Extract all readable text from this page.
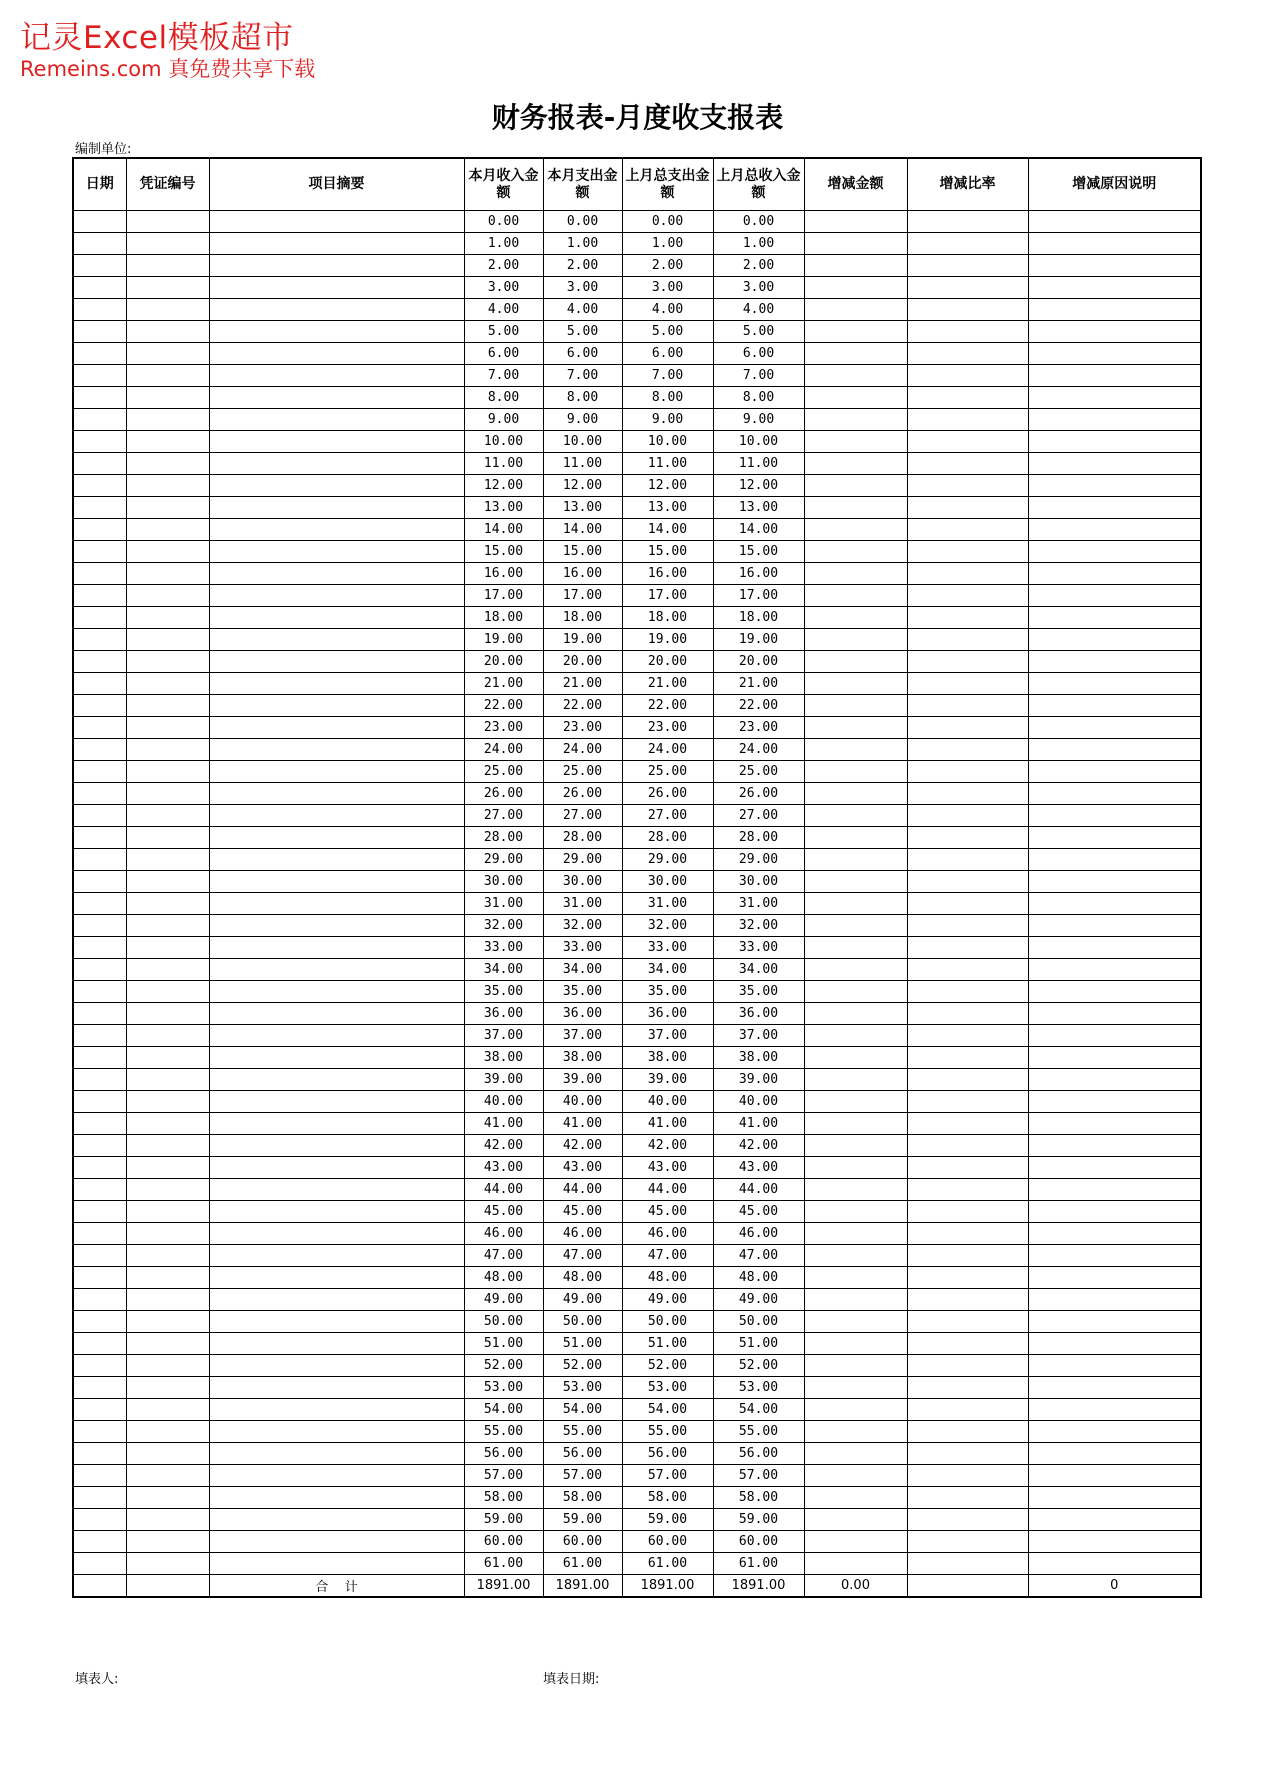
记灵Excel模板超市
Remeins.com 真免费共享下载
财务报表-月度收支报表
编制单位:
日期	凭证编号	项目摘要	本月收入金额	本月支出金额	上月总支出金额	上月总收入金额	增减金额	增减比率	增减原因说明
			0.00	0.00	0.00	0.00			
			1.00	1.00	1.00	1.00			
			2.00	2.00	2.00	2.00			
			3.00	3.00	3.00	3.00			
			4.00	4.00	4.00	4.00			
			5.00	5.00	5.00	5.00			
			6.00	6.00	6.00	6.00			
			7.00	7.00	7.00	7.00			
			8.00	8.00	8.00	8.00			
			9.00	9.00	9.00	9.00			
			10.00	10.00	10.00	10.00			
			11.00	11.00	11.00	11.00			
			12.00	12.00	12.00	12.00			
			13.00	13.00	13.00	13.00			
			14.00	14.00	14.00	14.00			
			15.00	15.00	15.00	15.00			
			16.00	16.00	16.00	16.00			
			17.00	17.00	17.00	17.00			
			18.00	18.00	18.00	18.00			
			19.00	19.00	19.00	19.00			
			20.00	20.00	20.00	20.00			
			21.00	21.00	21.00	21.00			
			22.00	22.00	22.00	22.00			
			23.00	23.00	23.00	23.00			
			24.00	24.00	24.00	24.00			
			25.00	25.00	25.00	25.00			
			26.00	26.00	26.00	26.00			
			27.00	27.00	27.00	27.00			
			28.00	28.00	28.00	28.00			
			29.00	29.00	29.00	29.00			
			30.00	30.00	30.00	30.00			
			31.00	31.00	31.00	31.00			
			32.00	32.00	32.00	32.00			
			33.00	33.00	33.00	33.00			
			34.00	34.00	34.00	34.00			
			35.00	35.00	35.00	35.00			
			36.00	36.00	36.00	36.00			
			37.00	37.00	37.00	37.00			
			38.00	38.00	38.00	38.00			
			39.00	39.00	39.00	39.00			
			40.00	40.00	40.00	40.00			
			41.00	41.00	41.00	41.00			
			42.00	42.00	42.00	42.00			
			43.00	43.00	43.00	43.00			
			44.00	44.00	44.00	44.00			
			45.00	45.00	45.00	45.00			
			46.00	46.00	46.00	46.00			
			47.00	47.00	47.00	47.00			
			48.00	48.00	48.00	48.00			
			49.00	49.00	49.00	49.00			
			50.00	50.00	50.00	50.00			
			51.00	51.00	51.00	51.00			
			52.00	52.00	52.00	52.00			
			53.00	53.00	53.00	53.00			
			54.00	54.00	54.00	54.00			
			55.00	55.00	55.00	55.00			
			56.00	56.00	56.00	56.00			
			57.00	57.00	57.00	57.00			
			58.00	58.00	58.00	58.00			
			59.00	59.00	59.00	59.00			
			60.00	60.00	60.00	60.00			
			61.00	61.00	61.00	61.00			
		合    计	1891.00	1891.00	1891.00	1891.00	0.00		0
填表人:	填表日期:
